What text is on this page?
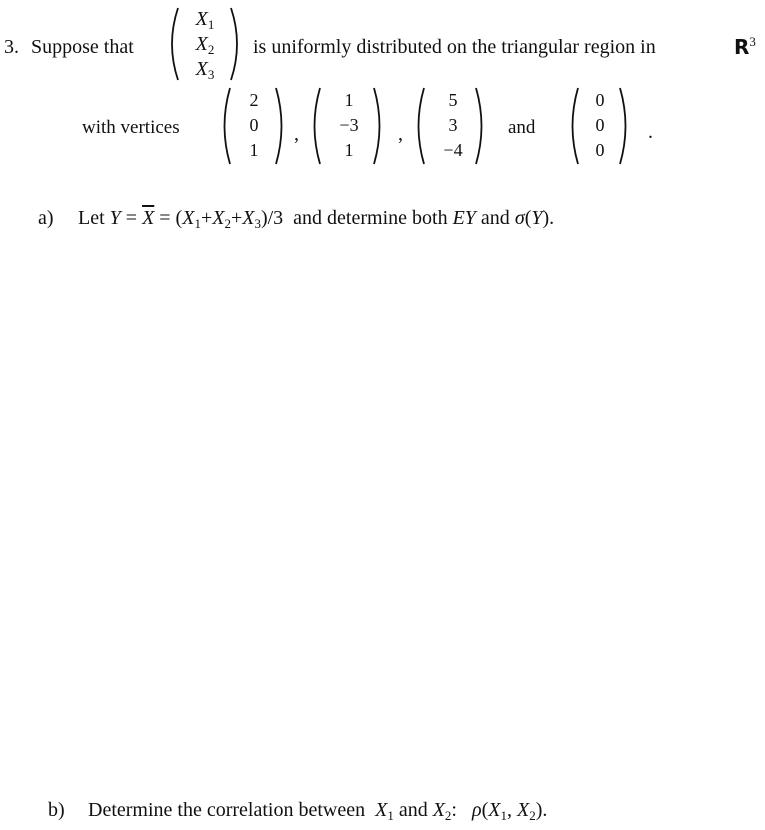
3. Suppose that
$X_1$
$X_2$
$X_3$
is uniformly distributed on the triangular region in	$R^3$
with vertices
2
0
1
,
1
−3
1
,
5
3
−4
and
0
0
0
.
a) Let $Y = \overline{X} = (X_1+X_2+X_3)/3$ and determine both EY and σ(Y).
b) Determine the correlation between $X_1$ and $X_2$: $\rho(X_1$, $X_2$).
